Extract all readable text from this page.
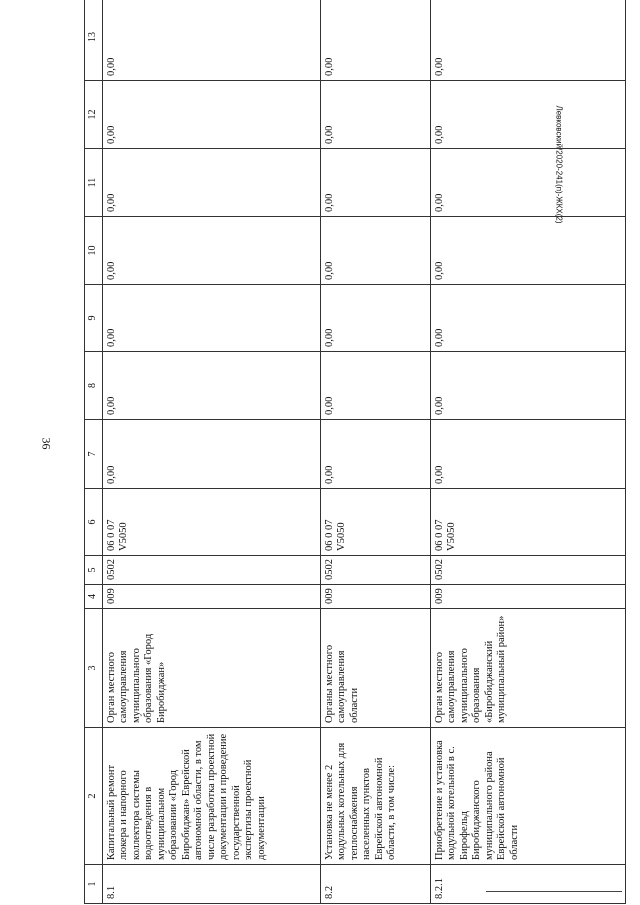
36
Левковский/2020-241(п)-ЖКХ(2)
1	2	3	4	5	6	7	8	9	10	11	12	13
8.1	Капитальный ремонт люкера и напорного коллектора системы водоотведения в муниципальном образовании «Город Биробиджан» Еврейской автономной области, в том числе разработка проектной документации и проведение государственной экспертизы проектной документации	Орган местного самоуправления муниципального образования «Город Биробиджан»	009	0502	06 0 07 V5050	0,00	0,00	0,00	0,00	0,00	0,00	0,00
8.2	Установка не менее 2 модульных котельных для теплоснабжения населенных пунктов Еврейской автономной области, в том числе:	Органы местного самоуправления области	009	0502	06 0 07 V5050	0,00	0,00	0,00	0,00	0,00	0,00	0,00
8.2.1	Приобретение и установка модульной котельной в с. Бирофельд Биробиджанского муниципального района Еврейской автономной области	Орган местного самоуправления муниципального образования «Биробиджанский муниципальный район»	009	0502	06 0 07 V5050	0,00	0,00	0,00	0,00	0,00	0,00	0,00
